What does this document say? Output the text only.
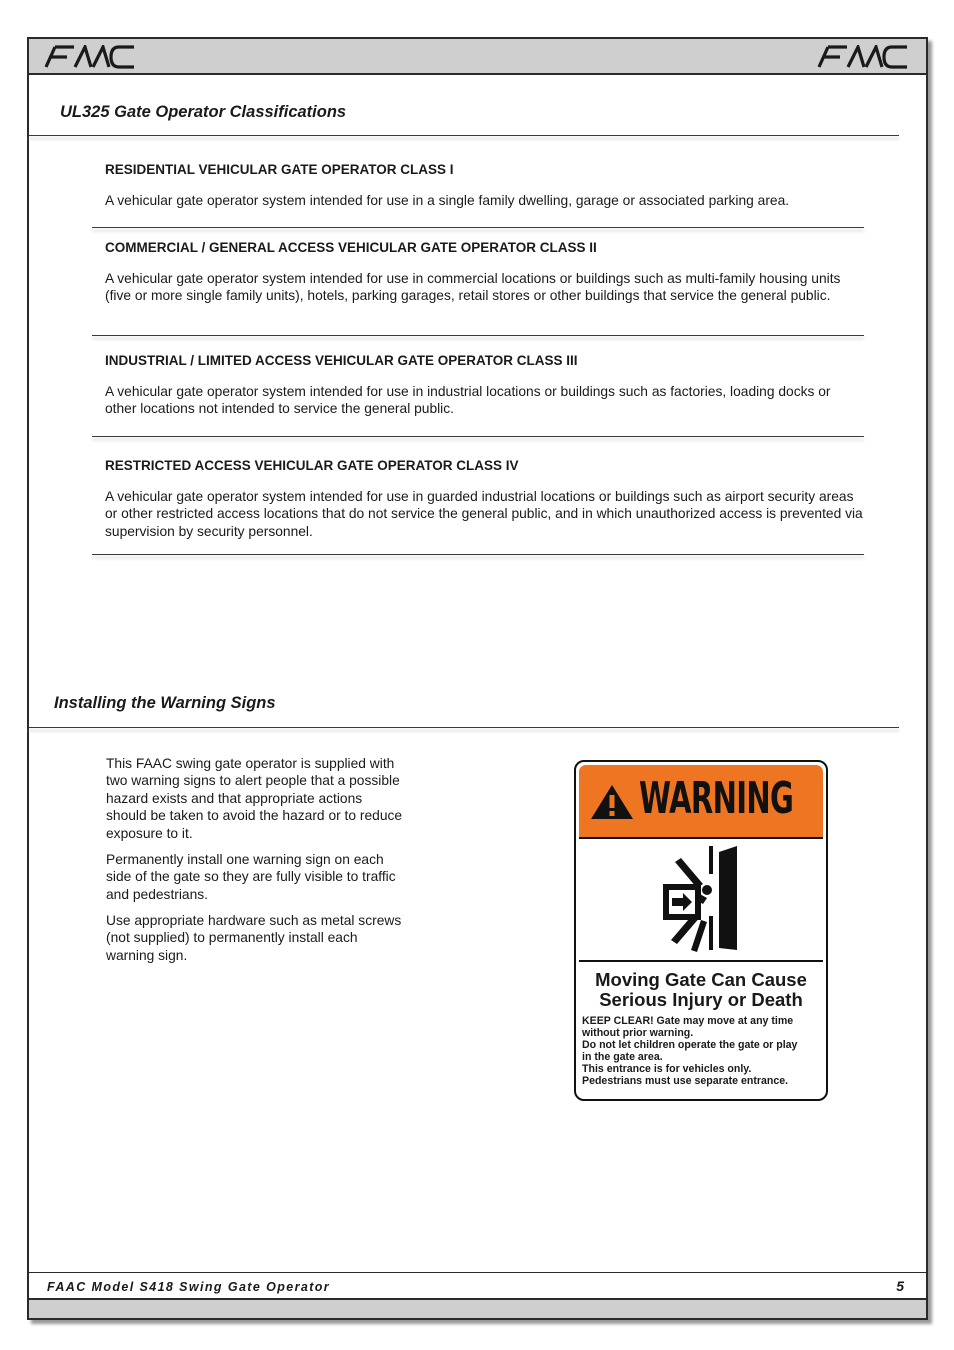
UL325 Gate Operator Classifications
RESIDENTIAL VEHICULAR GATE OPERATOR CLASS I

A vehicular gate operator system intended for use in a single family dwelling, garage or associated parking area.

COMMERCIAL / GENERAL ACCESS VEHICULAR GATE OPERATOR CLASS II

A vehicular gate operator system intended for use in commercial locations or buildings such as multi-family housing units (five or more single family units), hotels, parking garages, retail stores or other buildings that service the general public.

INDUSTRIAL / LIMITED ACCESS VEHICULAR GATE OPERATOR CLASS III

A vehicular gate operator system intended for use in industrial locations or buildings such as factories, loading docks or other locations not intended to service the general public.

RESTRICTED ACCESS VEHICULAR GATE OPERATOR CLASS IV

A vehicular gate operator system intended for use in guarded industrial locations or buildings such as airport security areas or other restricted access locations that do not service the general public, and in which unauthorized access is prevented via supervision by security personnel.

Installing the Warning Signs

This FAAC swing gate operator is supplied with two warning signs to alert people that a possible hazard exists and that appropriate actions should be taken to avoid the hazard or to reduce exposure to it.

Permanently install one warning sign on each side of the gate so they are fully visible to traffic and pedestrians.

Use appropriate hardware such as metal screws (not supplied) to permanently install each warning sign.

WARNING

Moving Gate Can Cause
Serious Injury or Death

KEEP CLEAR! Gate may move at any time
without prior warning.
Do not let children operate the gate or play
in the gate area.
This entrance is for vehicles only.
Pedestrians must use separate entrance.

FAAC Model S418 Swing Gate Operator	5
